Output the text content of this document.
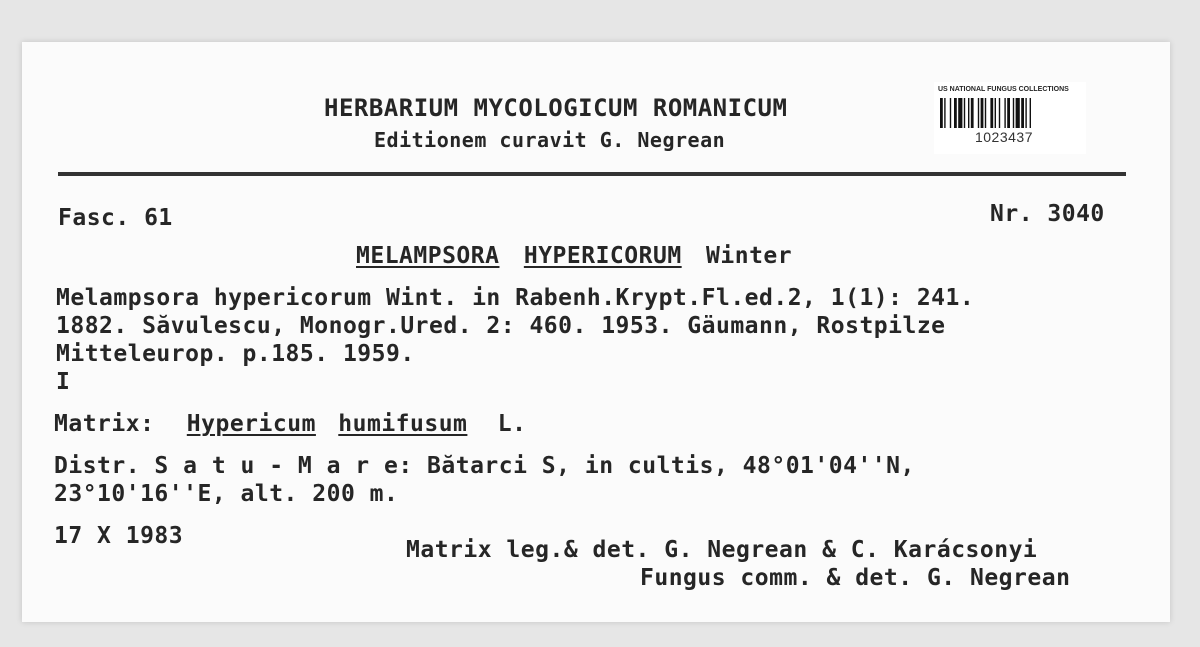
HERBARIUM MYCOLOGICUM ROMANICUM
Editionem curavit G. Negrean
US NATIONAL FUNGUS COLLECTIONS
1023437
Fasc. 61	Nr. 3040
MELAMPSORA HYPERICORUM Winter
Melampsora hypericorum Wint. in Rabenh.Krypt.Fl.ed.2, 1(1): 241.
1882. Săvulescu, Monogr.Ured. 2: 460. 1953. Gäumann, Rostpilze
Mitteleurop. p.185. 1959.
I
Matrix: Hypericum humifusum L.
Distr. S a t u - M a r e: Bătarci S, in cultis, 48°01'04''N,
23°10'16''E, alt. 200 m.
17 X 1983
Matrix leg.& det. G. Negrean & C. Karácsonyi
Fungus comm. & det. G. Negrean
